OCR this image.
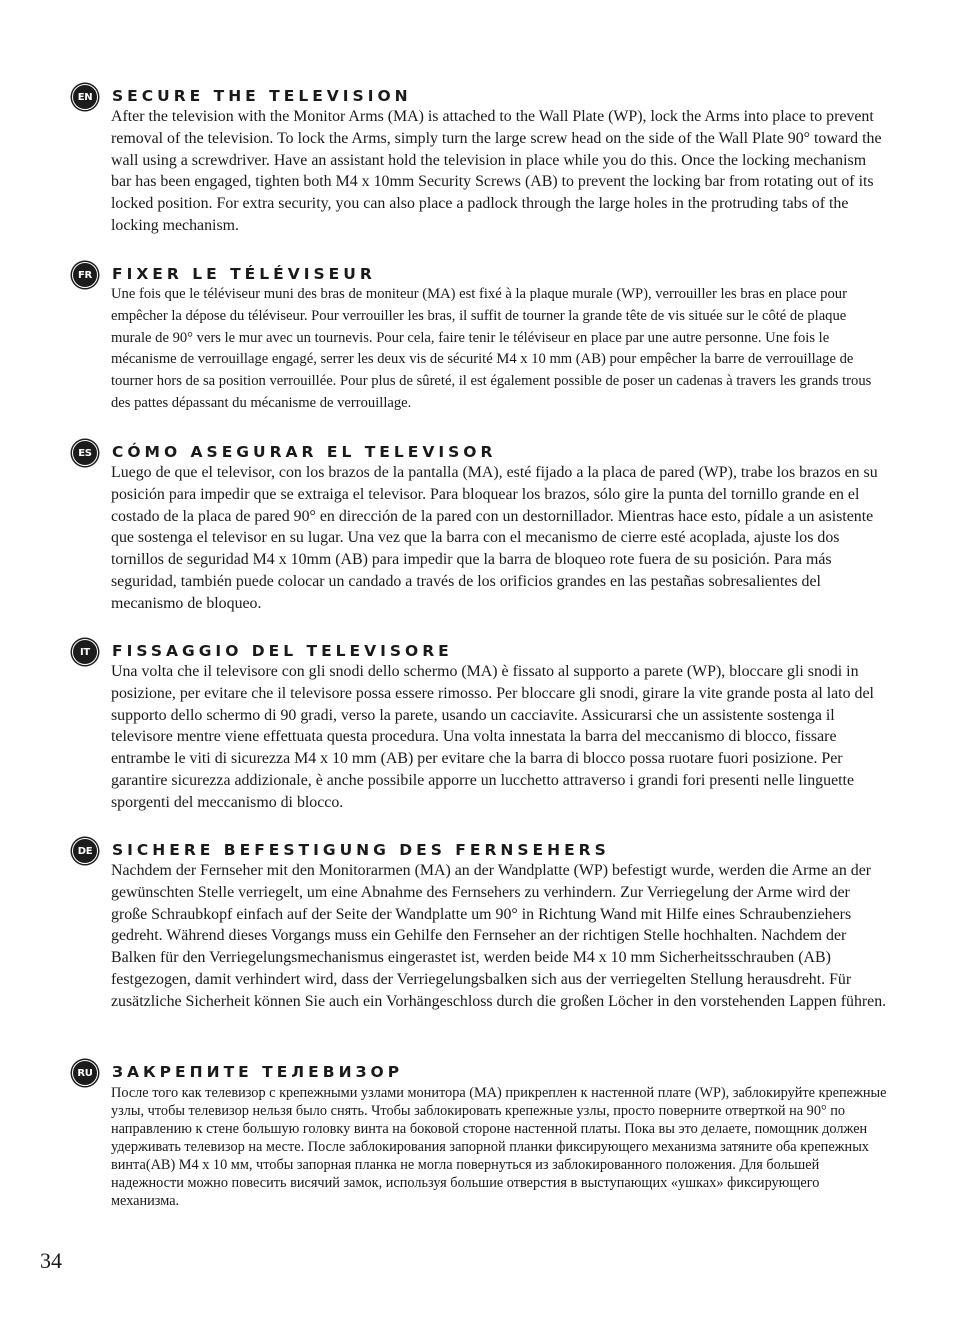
EN SECURE THE TELEVISION

After the television with the Monitor Arms (MA) is attached to the Wall Plate (WP), lock the Arms into place to prevent removal of the television. To lock the Arms, simply turn the large screw head on the side of the Wall Plate 90° toward the wall using a screwdriver. Have an assistant hold the television in place while you do this. Once the locking mechanism bar has been engaged, tighten both M4 x 10mm Security Screws (AB) to prevent the locking bar from rotating out of its locked position. For extra security, you can also place a padlock through the large holes in the protruding tabs of the locking mechanism.

FR FIXER LE TÉLÉVISEUR

Une fois que le téléviseur muni des bras de moniteur (MA) est fixé à la plaque murale (WP), verrouiller les bras en place pour empêcher la dépose du téléviseur. Pour verrouiller les bras, il suffit de tourner la grande tête de vis située sur le côté de plaque murale de 90° vers le mur avec un tournevis. Pour cela, faire tenir le téléviseur en place par une autre personne. Une fois le mécanisme de verrouillage engagé, serrer les deux vis de sécurité M4 x 10 mm (AB) pour empêcher la barre de verrouillage de tourner hors de sa position verrouillée. Pour plus de sûreté, il est également possible de poser un cadenas à travers les grands trous des pattes dépassant du mécanisme de verrouillage.

ES CÓMO ASEGURAR EL TELEVISOR

Luego de que el televisor, con los brazos de la pantalla (MA), esté fijado a la placa de pared (WP), trabe los brazos en su posición para impedir que se extraiga el televisor. Para bloquear los brazos, sólo gire la punta del tornillo grande en el costado de la placa de pared 90° en dirección de la pared con un destornillador. Mientras hace esto, pídale a un asistente que sostenga el televisor en su lugar. Una vez que la barra con el mecanismo de cierre esté acoplada, ajuste los dos tornillos de seguridad M4 x 10mm (AB) para impedir que la barra de bloqueo rote fuera de su posición. Para más seguridad, también puede colocar un candado a través de los orificios grandes en las pestañas sobresalientes del mecanismo de bloqueo.

IT FISSAGGIO DEL TELEVISORE

Una volta che il televisore con gli snodi dello schermo (MA) è fissato al supporto a parete (WP), bloccare gli snodi in posizione, per evitare che il televisore possa essere rimosso. Per bloccare gli snodi, girare la vite grande posta al lato del supporto dello schermo di 90 gradi, verso la parete, usando un cacciavite. Assicurarsi che un assistente sostenga il televisore mentre viene effettuata questa procedura. Una volta innestata la barra del meccanismo di blocco, fissare entrambe le viti di sicurezza M4 x 10 mm (AB) per evitare che la barra di blocco possa ruotare fuori posizione. Per garantire sicurezza addizionale, è anche possibile apporre un lucchetto attraverso i grandi fori presenti nelle linguette sporgenti del meccanismo di blocco.

DE SICHERE BEFESTIGUNG DES FERNSEHERS

Nachdem der Fernseher mit den Monitorarmen (MA) an der Wandplatte (WP) befestigt wurde, werden die Arme an der gewünschten Stelle verriegelt, um eine Abnahme des Fernsehers zu verhindern. Zur Verriegelung der Arme wird der große Schraubkopf einfach auf der Seite der Wandplatte um 90° in Richtung Wand mit Hilfe eines Schraubenziehers gedreht. Während dieses Vorgangs muss ein Gehilfe den Fernseher an der richtigen Stelle hochhalten. Nachdem der Balken für den Verriegelungsmechanismus eingerastet ist, werden beide M4 x 10 mm Sicherheitsschrauben (AB) festgezogen, damit verhindert wird, dass der Verriegelungsbalken sich aus der verriegelten Stellung herausdreht. Für zusätzliche Sicherheit können Sie auch ein Vorhängeschloss durch die großen Löcher in den vorstehenden Lappen führen.

RU ЗАКРЕПИТЕ ТЕЛЕВИЗОР

После того как телевизор с крепежными узлами монитора (МА) прикреплен к настенной плате (WP), заблокируйте крепежные узлы, чтобы телевизор нельзя было снять. Чтобы заблокировать крепежные узлы, просто поверните отверткой на 90° по направлению к стене большую головку винта на боковой стороне настенной платы. Пока вы это делаете, помощник должен удерживать телевизор на месте. После заблокирования запорной планки фиксирующего механизма затяните оба крепежных винта(AB) M4 x 10 мм, чтобы запорная планка не могла повернуться из заблокированного положения. Для большей надежности можно повесить висячий замок, используя большие отверстия в выступающих «ушках» фиксирующего механизма.

34
